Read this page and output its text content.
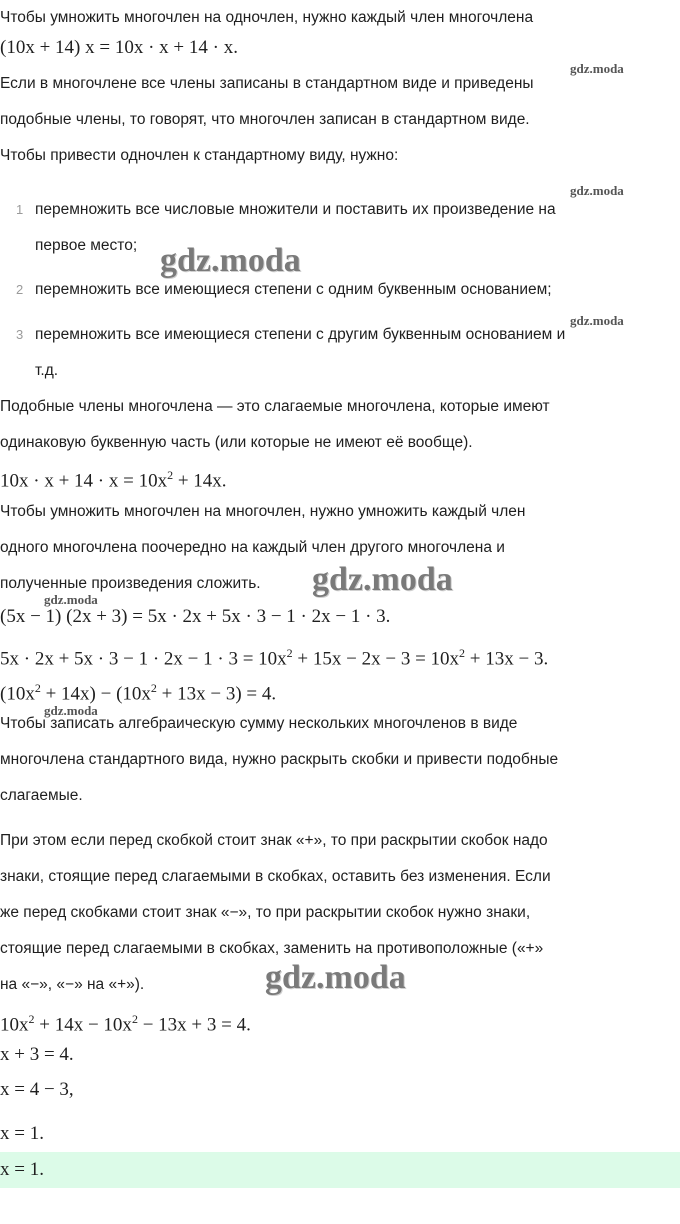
Чтобы умножить многочлен на одночлен, нужно каждый член многочлена
(10x + 14) x = 10x · x + 14 · x.
Если в многочлене все члены записаны в стандартном виде и приведены
подобные члены, то говорят, что многочлен записан в стандартном виде.
Чтобы привести одночлен к стандартному виду, нужно:
1 перемножить все числовые множители и поставить их произведение на
первое место;
2 перемножить все имеющиеся степени с одним буквенным основанием;
3 перемножить все имеющиеся степени с другим буквенным основанием и
т.д.
Подобные члены многочлена — это слагаемые многочлена, которые имеют
одинаковую буквенную часть (или которые не имеют её вообще).
$10x \cdot x + 14 \cdot x = 10x^2 + 14x$.
Чтобы умножить многочлен на многочлен, нужно умножить каждый член
одного многочлена поочередно на каждый член другого многочлена и
полученные произведения сложить.
(5x − 1) (2x + 3) = 5x · 2x + 5x · 3 − 1 · 2x − 1 · 3.
$5x \cdot 2x + 5x \cdot 3 - 1 \cdot 2x - 1 \cdot 3 = 10x^2 + 15x - 2x - 3 = 10x^2 + 13x - 3$.
$(10x^2 + 14x) - (10x^2 + 13x - 3) = 4$.
Чтобы записать алгебраическую сумму нескольких многочленов в виде
многочлена стандартного вида, нужно раскрыть скобки и привести подобные
слагаемые.
При этом если перед скобкой стоит знак «+», то при раскрытии скобок надо
знаки, стоящие перед слагаемыми в скобках, оставить без изменения. Если
же перед скобками стоит знак «−», то при раскрытии скобок нужно знаки,
стоящие перед слагаемыми в скобках, заменить на противоположные («+»
на «−», «−» на «+»).
$10x^2 + 14x - 10x^2 - 13x + 3 = 4$.
x + 3 = 4.
x = 4 − 3,
x = 1.
x = 1.
gdz.moda
gdz.moda
gdz.moda
gdz.moda
gdz.moda
gdz.moda
gdz.moda
gdz.moda
